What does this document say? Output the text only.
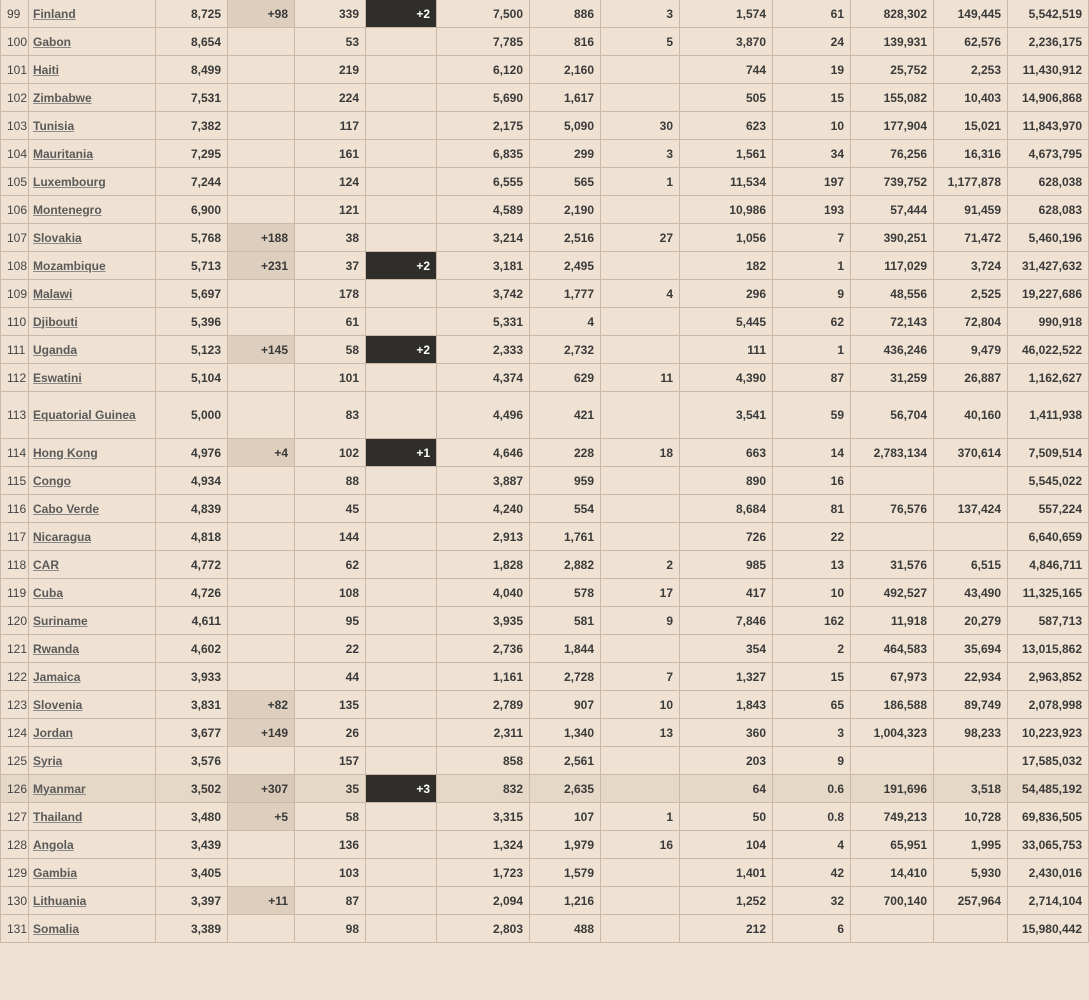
99	Finland	8,725	+98	339	+2	7,500	886	3	1,574	61	828,302	149,445	5,542,519
100	Gabon	8,654		53		7,785	816	5	3,870	24	139,931	62,576	2,236,175
101	Haiti	8,499		219		6,120	2,160		744	19	25,752	2,253	11,430,912
102	Zimbabwe	7,531		224		5,690	1,617		505	15	155,082	10,403	14,906,868
103	Tunisia	7,382		117		2,175	5,090	30	623	10	177,904	15,021	11,843,970
104	Mauritania	7,295		161		6,835	299	3	1,561	34	76,256	16,316	4,673,795
105	Luxembourg	7,244		124		6,555	565	1	11,534	197	739,752	1,177,878	628,038
106	Montenegro	6,900		121		4,589	2,190		10,986	193	57,444	91,459	628,083
107	Slovakia	5,768	+188	38		3,214	2,516	27	1,056	7	390,251	71,472	5,460,196
108	Mozambique	5,713	+231	37	+2	3,181	2,495		182	1	117,029	3,724	31,427,632
109	Malawi	5,697		178		3,742	1,777	4	296	9	48,556	2,525	19,227,686
110	Djibouti	5,396		61		5,331	4		5,445	62	72,143	72,804	990,918
111	Uganda	5,123	+145	58	+2	2,333	2,732		111	1	436,246	9,479	46,022,522
112	Eswatini	5,104		101		4,374	629	11	4,390	87	31,259	26,887	1,162,627
113	Equatorial Guinea	5,000		83		4,496	421		3,541	59	56,704	40,160	1,411,938
114	Hong Kong	4,976	+4	102	+1	4,646	228	18	663	14	2,783,134	370,614	7,509,514
115	Congo	4,934		88		3,887	959		890	16			5,545,022
116	Cabo Verde	4,839		45		4,240	554		8,684	81	76,576	137,424	557,224
117	Nicaragua	4,818		144		2,913	1,761		726	22			6,640,659
118	CAR	4,772		62		1,828	2,882	2	985	13	31,576	6,515	4,846,711
119	Cuba	4,726		108		4,040	578	17	417	10	492,527	43,490	11,325,165
120	Suriname	4,611		95		3,935	581	9	7,846	162	11,918	20,279	587,713
121	Rwanda	4,602		22		2,736	1,844		354	2	464,583	35,694	13,015,862
122	Jamaica	3,933		44		1,161	2,728	7	1,327	15	67,973	22,934	2,963,852
123	Slovenia	3,831	+82	135		2,789	907	10	1,843	65	186,588	89,749	2,078,998
124	Jordan	3,677	+149	26		2,311	1,340	13	360	3	1,004,323	98,233	10,223,923
125	Syria	3,576		157		858	2,561		203	9			17,585,032
126	Myanmar	3,502	+307	35	+3	832	2,635		64	0.6	191,696	3,518	54,485,192
127	Thailand	3,480	+5	58		3,315	107	1	50	0.8	749,213	10,728	69,836,505
128	Angola	3,439		136		1,324	1,979	16	104	4	65,951	1,995	33,065,753
129	Gambia	3,405		103		1,723	1,579		1,401	42	14,410	5,930	2,430,016
130	Lithuania	3,397	+11	87		2,094	1,216		1,252	32	700,140	257,964	2,714,104
131	Somalia	3,389		98		2,803	488		212	6			15,980,442
